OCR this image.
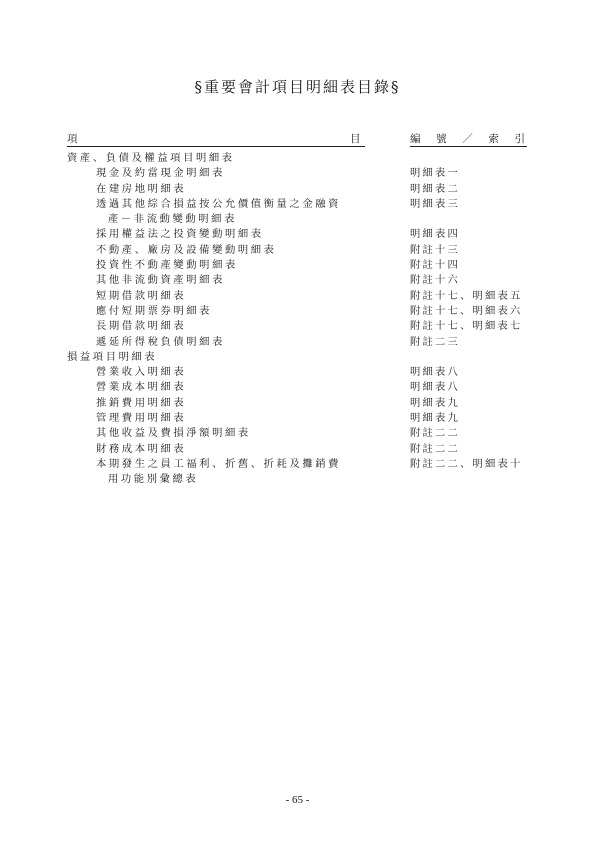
§重要會計項目明細表目錄§
項	目	編 號 ／ 索 引
資產、負債及權益項目明細表
現金及約當現金明細表	明細表一
在建房地明細表	明細表二
透過其他綜合損益按公允價值衡量之金融資	明細表三
產－非流動變動明細表
採用權益法之投資變動明細表	明細表四
不動產、廠房及設備變動明細表	附註十三
投資性不動產變動明細表	附註十四
其他非流動資產明細表	附註十六
短期借款明細表	附註十七、明細表五
應付短期票券明細表	附註十七、明細表六
長期借款明細表	附註十七、明細表七
遞延所得稅負債明細表	附註二三
損益項目明細表
營業收入明細表	明細表八
營業成本明細表	明細表八
推銷費用明細表	明細表九
管理費用明細表	明細表九
其他收益及費損淨額明細表	附註二二
財務成本明細表	附註二二
本期發生之員工福利、折舊、折耗及攤銷費	附註二二、明細表十
用功能別彙總表
- 65 -
